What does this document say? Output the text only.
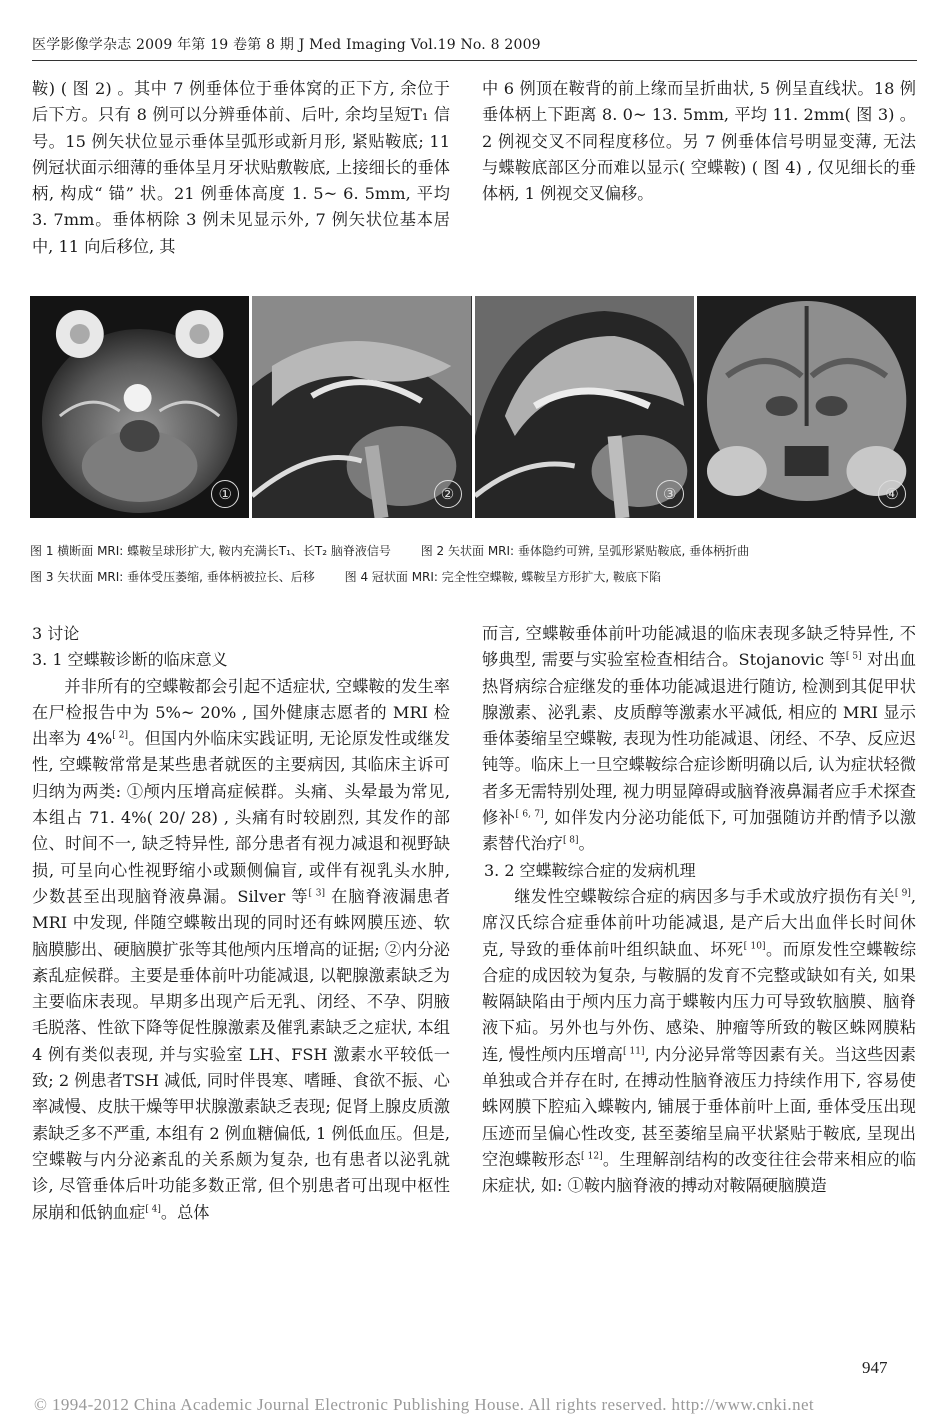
医学影像学杂志 2009 年第 19 卷第 8 期 J Med Imaging Vol.19 No. 8 2009

鞍) ( 图 2) 。其中 7 例垂体位于垂体窝的正下方, 余位于后下方。只有 8 例可以分辨垂体前、后叶, 余均呈短T₁ 信号。15 例矢状位显示垂体呈弧形或新月形, 紧贴鞍底; 11 例冠状面示细薄的垂体呈月牙状贴敷鞍底, 上接细长的垂体柄, 构成“ 锚” 状。21 例垂体高度 1. 5~ 6. 5mm, 平均 3. 7mm。垂体柄除 3 例未见显示外, 7 例矢状位基本居中, 11 向后移位, 其

中 6 例顶在鞍背的前上缘而呈折曲状, 5 例呈直线状。18 例垂体柄上下距离 8. 0~ 13. 5mm, 平均 11. 2mm( 图 3) 。2 例视交叉不同程度移位。另 7 例垂体信号明显变薄, 无法与蝶鞍底部区分而难以显示( 空蝶鞍) ( 图 4) , 仅见细长的垂体柄, 1 例视交叉偏移。

①	②	③	④
图 1 横断面 MRI: 蝶鞍呈球形扩大, 鞍内充满长T₁、长T₂ 脑脊液信号 图 2 矢状面 MRI: 垂体隐约可辨, 呈弧形紧贴鞍底, 垂体柄折曲
图 3 矢状面 MRI: 垂体受压萎缩, 垂体柄被拉长、后移 图 4 冠状面 MRI: 完全性空蝶鞍, 蝶鞍呈方形扩大, 鞍底下陷

3 讨论

3. 1 空蝶鞍诊断的临床意义

并非所有的空蝶鞍都会引起不适症状, 空蝶鞍的发生率在尸检报告中为 5%~ 20% , 国外健康志愿者的 MRI 检出率为 4%[ 2]。但国内外临床实践证明, 无论原发性或继发性, 空蝶鞍常常是某些患者就医的主要病因, 其临床主诉可归纳为两类: ①颅内压增高症候群。头痛、头晕最为常见, 本组占 71. 4%( 20/ 28) , 头痛有时较剧烈, 其发作的部位、时间不一, 缺乏特异性, 部分患者有视力减退和视野缺损, 可呈向心性视野缩小或颞侧偏盲, 或伴有视乳头水肿, 少数甚至出现脑脊液鼻漏。Silver 等[ 3] 在脑脊液漏患者 MRI 中发现, 伴随空蝶鞍出现的同时还有蛛网膜压迹、软脑膜膨出、硬脑膜扩张等其他颅内压增高的证据; ②内分泌紊乱症候群。主要是垂体前叶功能减退, 以靶腺激素缺乏为主要临床表现。早期多出现产后无乳、闭经、不孕、阴腋毛脱落、性欲下降等促性腺激素及催乳素缺乏之症状, 本组 4 例有类似表现, 并与实验室 LH、FSH 激素水平较低一致; 2 例患者TSH 减低, 同时伴畏寒、嗜睡、食欲不振、心率减慢、皮肤干燥等甲状腺激素缺乏表现; 促肾上腺皮质激素缺乏多不严重, 本组有 2 例血糖偏低, 1 例低血压。但是, 空蝶鞍与内分泌紊乱的关系颇为复杂, 也有患者以泌乳就诊, 尽管垂体后叶功能多数正常, 但个别患者可出现中枢性尿崩和低钠血症[ 4]。总体

而言, 空蝶鞍垂体前叶功能减退的临床表现多缺乏特异性, 不够典型, 需要与实验室检查相结合。Stojanovic 等[ 5] 对出血热肾病综合症继发的垂体功能减退进行随访, 检测到其促甲状腺激素、泌乳素、皮质醇等激素水平减低, 相应的 MRI 显示垂体萎缩呈空蝶鞍, 表现为性功能减退、闭经、不孕、反应迟钝等。临床上一旦空蝶鞍综合症诊断明确以后, 认为症状轻微者多无需特别处理, 视力明显障碍或脑脊液鼻漏者应手术探查修补[ 6, 7], 如伴发内分泌功能低下, 可加强随访并酌情予以激素替代治疗[ 8]。

3. 2 空蝶鞍综合症的发病机理

继发性空蝶鞍综合症的病因多与手术或放疗损伤有关[ 9], 席汉氏综合症垂体前叶功能减退, 是产后大出血伴长时间休克, 导致的垂体前叶组织缺血、坏死[ 10]。而原发性空蝶鞍综合症的成因较为复杂, 与鞍膈的发育不完整或缺如有关, 如果鞍隔缺陷由于颅内压力高于蝶鞍内压力可导致软脑膜、脑脊液下疝。另外也与外伤、感染、肿瘤等所致的鞍区蛛网膜粘连, 慢性颅内压增高[ 11], 内分泌异常等因素有关。当这些因素单独或合并存在时, 在搏动性脑脊液压力持续作用下, 容易使蛛网膜下腔疝入蝶鞍内, 铺展于垂体前叶上面, 垂体受压出现压迹而呈偏心性改变, 甚至萎缩呈扁平状紧贴于鞍底, 呈现出空泡蝶鞍形态[ 12]。生理解剖结构的改变往往会带来相应的临床症状, 如: ①鞍内脑脊液的搏动对鞍隔硬脑膜造

947
© 1994-2012 China Academic Journal Electronic Publishing House. All rights reserved. http://www.cnki.net
